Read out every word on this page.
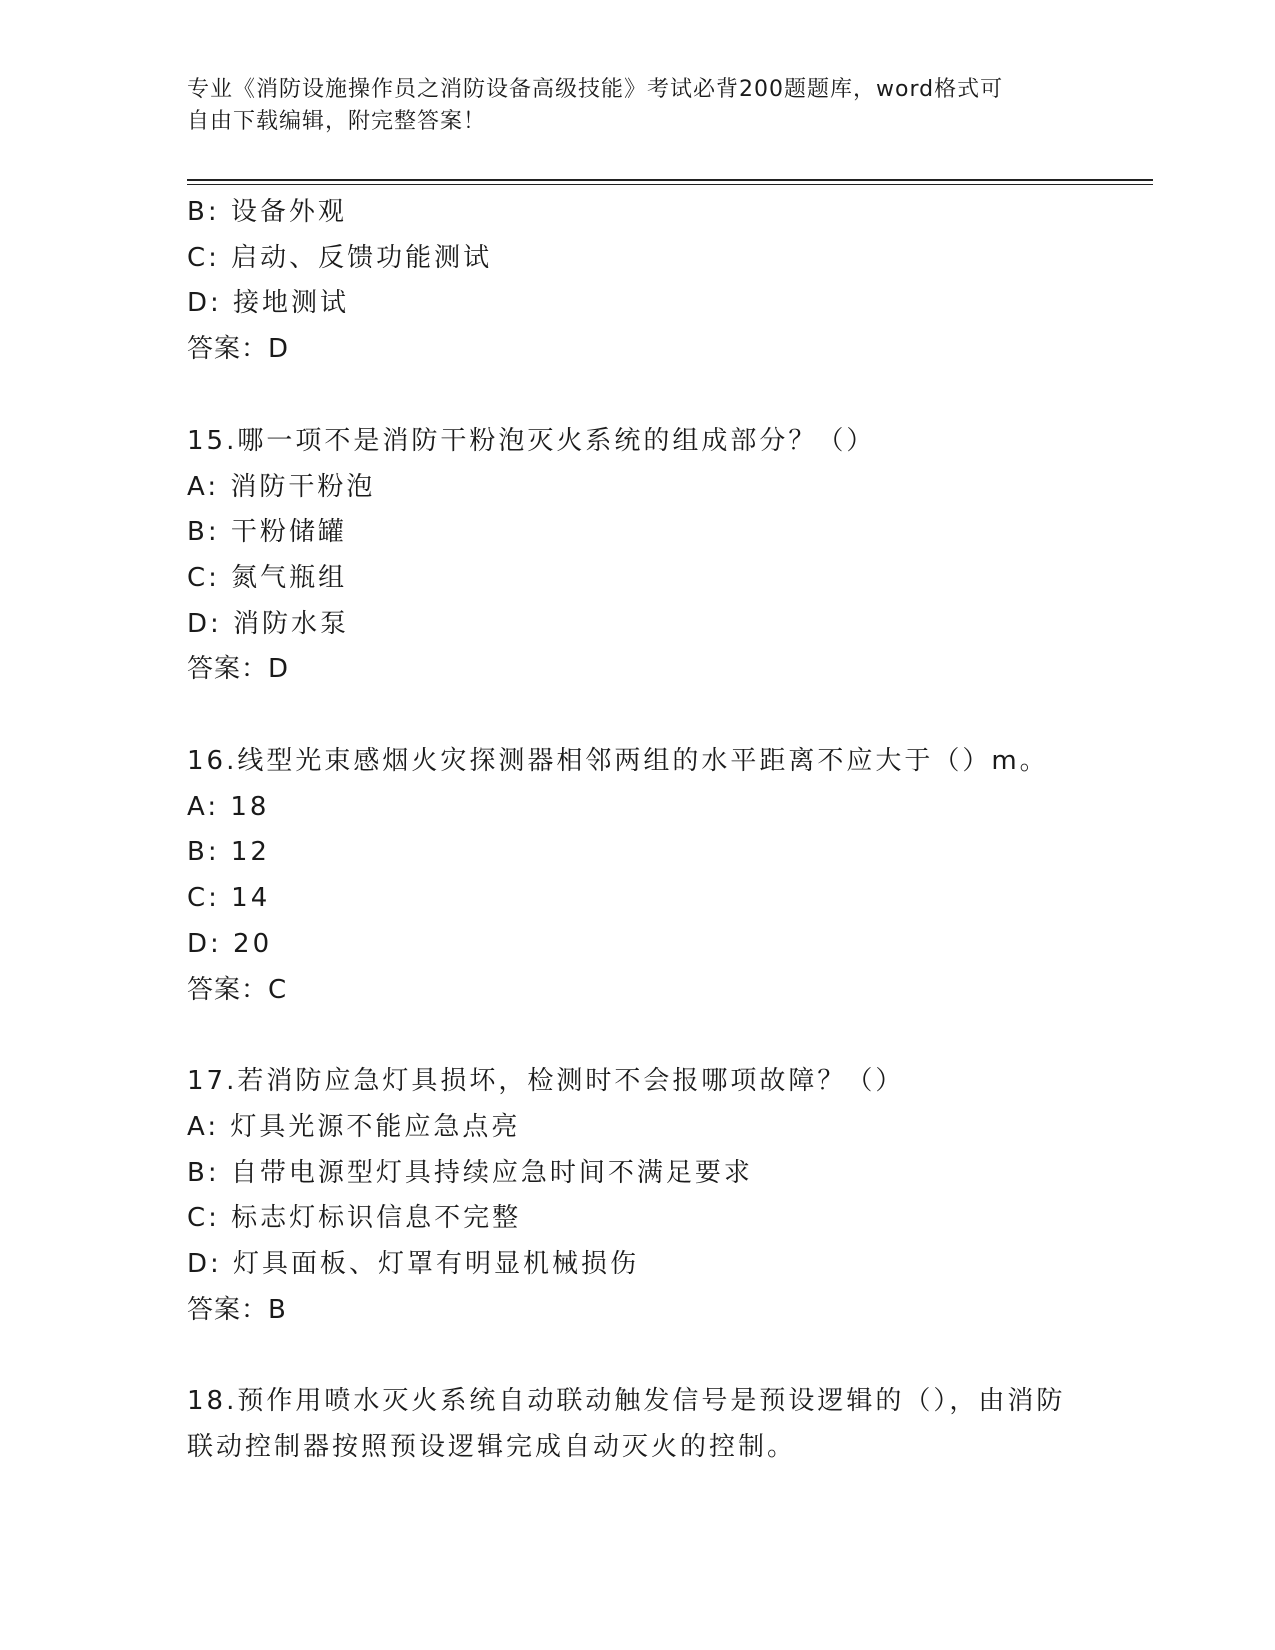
专业《消防设施操作员之消防设备高级技能》考试必背200题题库，word格式可
自由下载编辑，附完整答案！
B: 设备外观
C: 启动、反馈功能测试
D: 接地测试
答案：D
15.哪一项不是消防干粉泡灭火系统的组成部分？（）
A: 消防干粉泡
B: 干粉储罐
C: 氮气瓶组
D: 消防水泵
答案：D
16.线型光束感烟火灾探测器相邻两组的水平距离不应大于（）m。
A: 18
B: 12
C: 14
D: 20
答案：C
17.若消防应急灯具损坏，检测时不会报哪项故障？（）
A: 灯具光源不能应急点亮
B: 自带电源型灯具持续应急时间不满足要求
C: 标志灯标识信息不完整
D: 灯具面板、灯罩有明显机械损伤
答案：B
18.预作用喷水灭火系统自动联动触发信号是预设逻辑的（），由消防
联动控制器按照预设逻辑完成自动灭火的控制。
